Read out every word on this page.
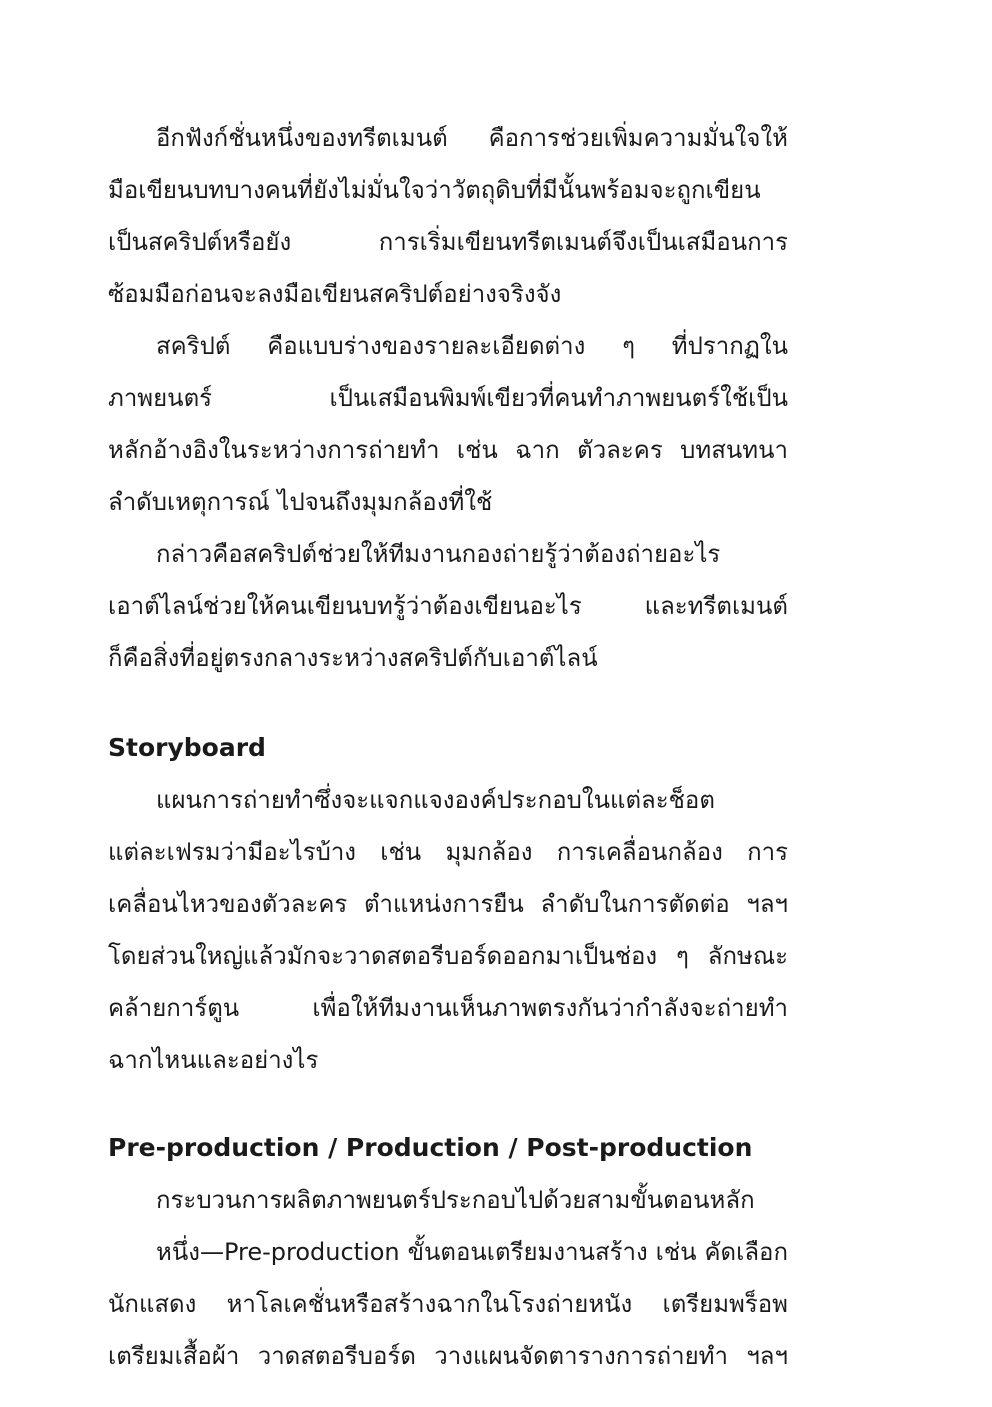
อีกฟังก์ชั่นหนึ่งของทรีตเมนต์ คือการช่วยเพิ่มความมั่นใจให้
มือเขียนบทบางคนที่ยังไม่มั่นใจว่าวัตถุดิบที่มีนั้นพร้อมจะถูกเขียน
เป็นสคริปต์หรือยัง การเริ่มเขียนทรีตเมนต์จึงเป็นเสมือนการ
ซ้อมมือก่อนจะลงมือเขียนสคริปต์อย่างจริงจัง
สคริปต์ คือแบบร่างของรายละเอียดต่าง ๆ ที่ปรากฏใน
ภาพยนตร์ เป็นเสมือนพิมพ์เขียวที่คนทำภาพยนตร์ใช้เป็น
หลักอ้างอิงในระหว่างการถ่ายทำ เช่น ฉาก ตัวละคร บทสนทนา
ลำดับเหตุการณ์ ไปจนถึงมุมกล้องที่ใช้
กล่าวคือสคริปต์ช่วยให้ทีมงานกองถ่ายรู้ว่าต้องถ่ายอะไร
เอาต์ไลน์ช่วยให้คนเขียนบทรู้ว่าต้องเขียนอะไร และทรีตเมนต์
ก็คือสิ่งที่อยู่ตรงกลางระหว่างสคริปต์กับเอาต์ไลน์
Storyboard
แผนการถ่ายทำซึ่งจะแจกแจงองค์ประกอบในแต่ละช็อต
แต่ละเฟรมว่ามีอะไรบ้าง เช่น มุมกล้อง การเคลื่อนกล้อง การ
เคลื่อนไหวของตัวละคร ตำแหน่งการยืน ลำดับในการตัดต่อ ฯลฯ
โดยส่วนใหญ่แล้วมักจะวาดสตอรีบอร์ดออกมาเป็นช่อง ๆ ลักษณะ
คล้ายการ์ตูน เพื่อให้ทีมงานเห็นภาพตรงกันว่ากำลังจะถ่ายทำ
ฉากไหนและอย่างไร
Pre-production / Production / Post-production
กระบวนการผลิตภาพยนตร์ประกอบไปด้วยสามขั้นตอนหลัก
หนึ่ง—Pre-production ขั้นตอนเตรียมงานสร้าง เช่น คัดเลือก
นักแสดง หาโลเคชั่นหรือสร้างฉากในโรงถ่ายหนัง เตรียมพร็อพ
เตรียมเสื้อผ้า วาดสตอรีบอร์ด วางแผนจัดตารางการถ่ายทำ ฯลฯ
